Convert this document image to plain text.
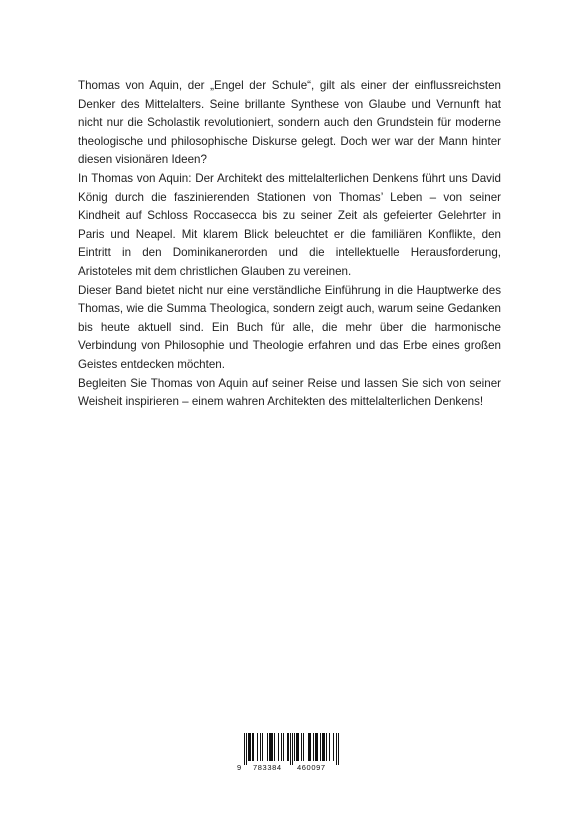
Thomas von Aquin, der „Engel der Schule“, gilt als einer der einflussreichsten Denker des Mittelalters. Seine brillante Synthese von Glaube und Vernunft hat nicht nur die Scholastik revolutioniert, sondern auch den Grundstein für moderne theologische und philosophische Diskurse gelegt. Doch wer war der Mann hinter diesen visionären Ideen?

In Thomas von Aquin: Der Architekt des mittelalterlichen Denkens führt uns David König durch die faszinierenden Stationen von Thomas’ Leben – von seiner Kindheit auf Schloss Roccasecca bis zu seiner Zeit als gefeierter Gelehrter in Paris und Neapel. Mit klarem Blick beleuchtet er die familiären Konflikte, den Eintritt in den Dominikanerorden und die intellektuelle Herausforderung, Aristoteles mit dem christlichen Glauben zu vereinen.

Dieser Band bietet nicht nur eine verständliche Einführung in die Hauptwerke des Thomas, wie die Summa Theologica, sondern zeigt auch, warum seine Gedanken bis heute aktuell sind. Ein Buch für alle, die mehr über die harmonische Verbindung von Philosophie und Theologie erfahren und das Erbe eines großen Geistes entdecken möchten.

Begleiten Sie Thomas von Aquin auf seiner Reise und lassen Sie sich von seiner Weisheit inspirieren – einem wahren Architekten des mittelalterlichen Denkens!

9 783384 460097
